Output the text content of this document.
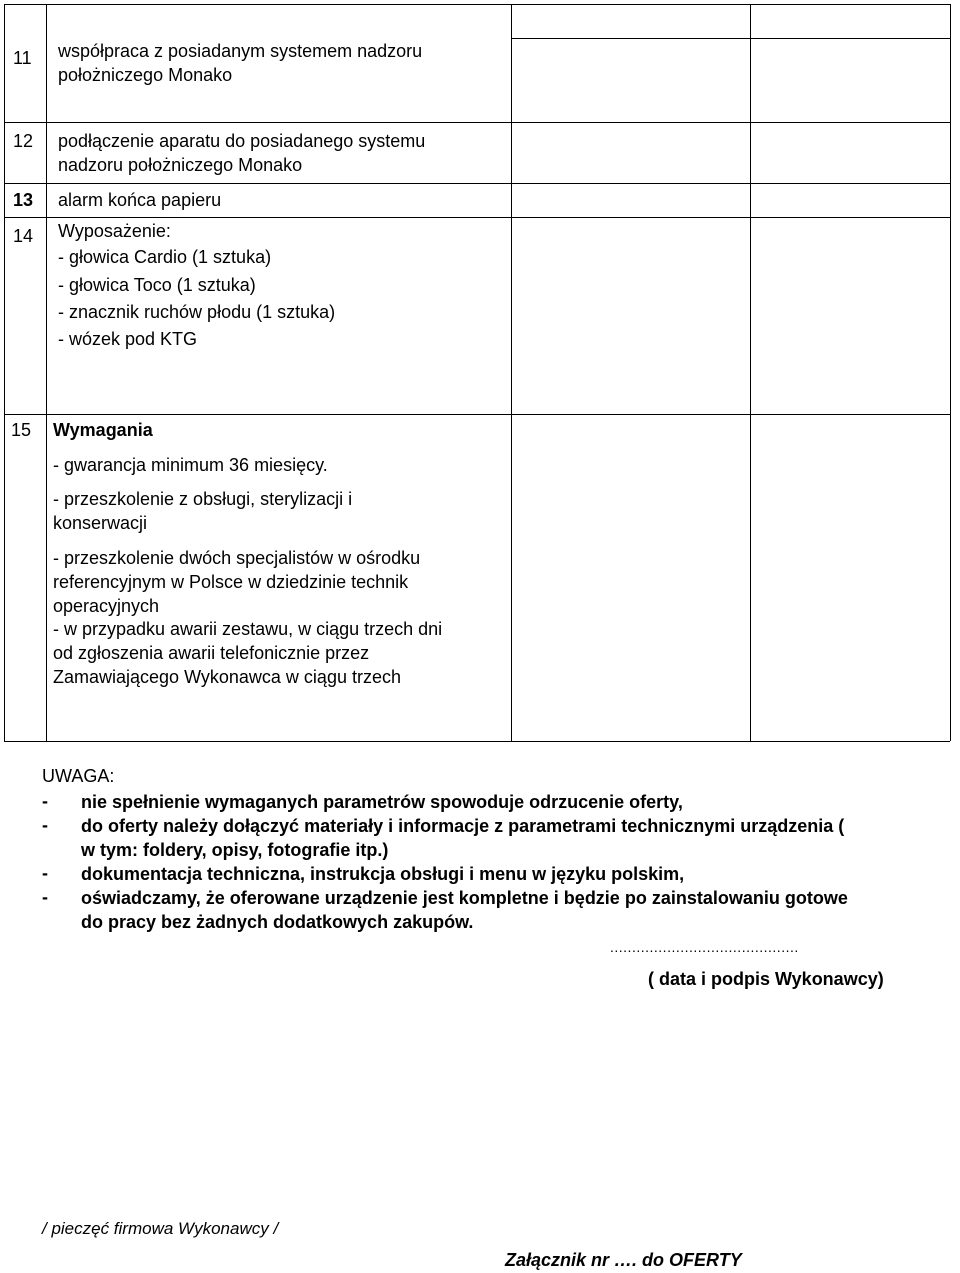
11 współpraca z posiadanym systemem nadzoru
położniczego Monako
12 podłączenie aparatu do posiadanego systemu
nadzoru położniczego Monako
13 alarm końca papieru
14 Wyposażenie:
- głowica Cardio (1 sztuka)
- głowica Toco (1 sztuka)
- znacznik ruchów płodu (1 sztuka)
- wózek pod KTG
15 Wymagania
- gwarancja minimum 36 miesięcy.
- przeszkolenie z obsługi, sterylizacji i
konserwacji
- przeszkolenie dwóch specjalistów w ośrodku
referencyjnym w Polsce w dziedzinie technik
operacyjnych
- w przypadku awarii zestawu, w ciągu trzech dni
od zgłoszenia awarii telefonicznie przez
Zamawiającego Wykonawca w ciągu trzech
UWAGA:
- nie spełnienie wymaganych parametrów spowoduje odrzucenie oferty,
- do oferty należy dołączyć materiały i informacje z parametrami technicznymi urządzenia (
w tym: foldery, opisy, fotografie itp.)
- dokumentacja techniczna, instrukcja obsługi i menu w języku polskim,
- oświadczamy, że oferowane urządzenie jest kompletne i będzie po zainstalowaniu gotowe
do pracy bez żadnych dodatkowych zakupów.
...........................................
( data i podpis Wykonawcy)
/ pieczęć firmowa Wykonawcy /
Załącznik nr …. do OFERTY
